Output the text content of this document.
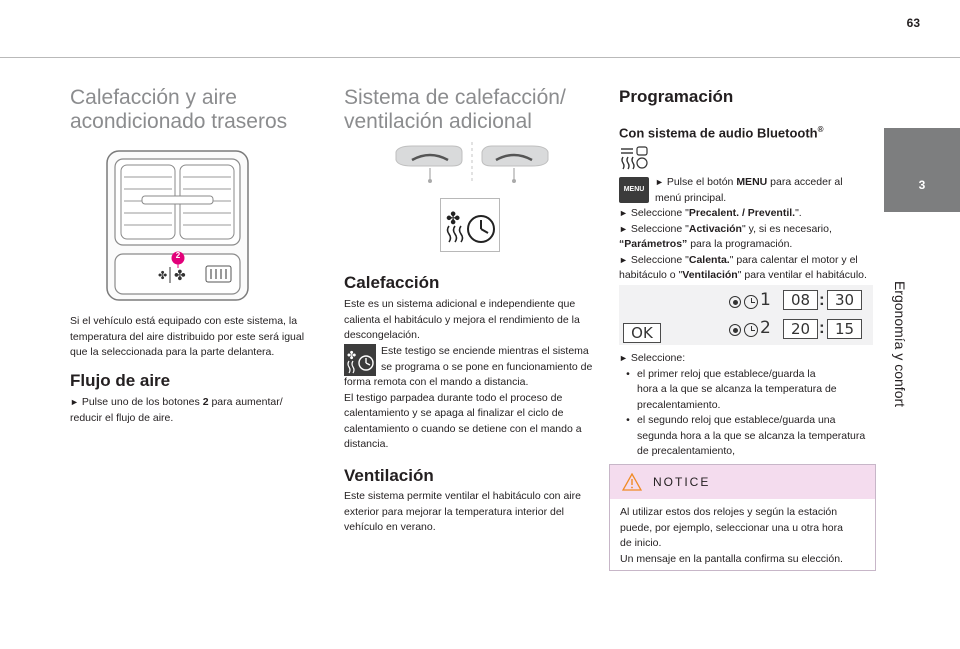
63
3
Ergonomía y confort
Calefacción y aire
acondicionado traseros
✤ ✤
2
Si el vehículo está equipado con este sistema, la
temperatura del aire distribuido por este será igual
que la seleccionada para la parte delantera.
Flujo de aire
► Pulse uno de los botones 2 para aumentar/
reducir el flujo de aire.
Sistema de calefacción/
ventilación adicional
✤
Calefacción
Este es un sistema adicional e independiente que
calienta el habitáculo y mejora el rendimiento de la
descongelación.
✤ Este testigo se enciende mientras el sistema
se programa o se pone en funcionamiento de
forma remota con el mando a distancia.
El testigo parpadea durante todo el proceso de
calentamiento y se apaga al finalizar el ciclo de
calentamiento o cuando se detiene con el mando a
distancia.
Ventilación
Este sistema permite ventilar el habitáculo con aire
exterior para mejorar la temperatura interior del
vehículo en verano.
Programación
Con sistema de audio Bluetooth®
MENU
► Pulse el botón MENU para acceder al
menú principal.
► Seleccione "Precalent. / Preventil.".
► Seleccione "Activación" y, si es necesario,
“Parámetros” para la programación.
► Seleccione "Calenta." para calentar el motor y el
habitáculo o "Ventilación" para ventilar el habitáculo.
OK
1	08 : 30
2	20 : 15
► Seleccione:
• el primer reloj que establece/guarda la
hora a la que se alcanza la temperatura de
precalentamiento.
• el segundo reloj que establece/guarda una
segunda hora a la que se alcanza la temperatura
de precalentamiento,
NOTICE
Al utilizar estos dos relojes y según la estación
puede, por ejemplo, seleccionar una u otra hora
de inicio.
Un mensaje en la pantalla confirma su elección.
